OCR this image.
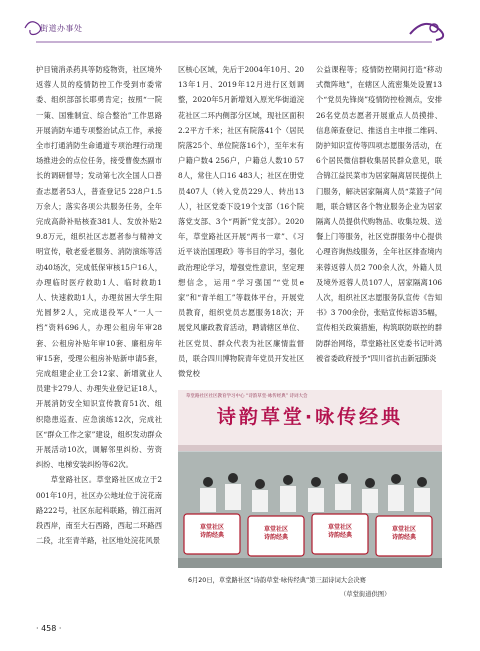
街道办事处

护目镜消杀药具等防疫物资，社区境外返蓉人员的疫情防控工作受到市委常委、组织部部长耶勇肯定；按照“一院一策、国雅制宜、综合整治”工作思路开展消防车通专项整治试点工作，承接全市打通消防生命通道专项治理行动现场推进会的点位任务，接受曹俊杰副市长的调研督导；发动第七次全国人口普查志愿者53人，普查登记5 228户1.5万余人；落实各项公共服务任务，全年完成高龄补贴核查381人、发放补贴29.8万元，组织社区志愿者参与精神文明宣传，敬老爱老服务、消防演练等活动40场次，完成低保审核15户16人，办理临时医疗救助1人、临时救助1人、快速救助1人，办理贫困大学生阳光圆梦2人，完成退役军人“一人一档”资料696人，办理公租房年审28套、公租房补贴年审10套、廉租房年审15套，受理公租房补贴新申请5套，完成组建企业工会12家、新增就业人员建卡279人、办理失业登记证18人，开展消防安全知识宣传教育51次、组织隐患巡查、应急演练12次，完成社区“群众工作之家”建设，组织发动群众开展活动10次，调解邻里纠纷、劳资纠纷、电梯安装纠纷等62次。

草堂路社区。草堂路社区成立于2001年10月，社区办公地址位于浣花南路222号，社区东起科联路，锦江南河段西岸，南至大石西路，西起二环路西二段，北至青羊路，社区地处浣花风景

区核心区域，先后于2004年10月、2013年1月、2019年12月进行区划调整，2020年5月新增划入原光华街道浣花社区二环内侧部分区域，现社区面积2.2平方千米；社区有院落41个（居民院落25个、单位院落16个），至年末有户籍户数4 256户，户籍总人数10 578人，常住人口16 483人；社区在册党员407人（转入党员229人、转出13人），社区党委下设19个支部（16个院落党支部、3个“两新”党支部）。2020年，草堂路社区开展“两书一章”、《习近平谈治国理政》等书目的学习，强化政治理论学习，增强党性意识，坚定理想信念，运用“学习强国”“党员e家”和“青羊组工”等载体平台，开展党员教育，组织党员志愿服务18次；开展党风廉政教育活动，聘请辖区单位、社区党员、群众代表为社区廉情监督员，联合四川博物院青年党员开发社区微党校

公益课程等；疫情防控期间打造“移动式微阵地”，在辖区人流密集处设置13个“党员先锋岗”疫情防控检测点，安排26名党员志愿者开展重点人员摸排、信息筛查登记、推送自主申报二维码、防护知识宣传等四项志愿服务活动，在6个居民微信群收集居民群众意见，联合锦江益民菜市为居家隔离居民提供上门服务，解决居家隔离人员“菜篮子”问题，联合辖区各个物业服务企业为居家隔离人员提供代购物品、收集垃圾、送餐上门等服务，社区党群服务中心提供心理咨询热线服务，全年社区排查境内来蓉返蓉人员2 700余人次，外籍人员及境外返蓉人员107人，居家隔离106人次，组织社区志愿服务队宣传《告知书》3 700余份，张贴宣传标语35幅，宣传相关政策措施，构筑联防联控的群防群治网络，草堂路社区党委书记叶鸿被省委政府授予“四川省抗击新冠肺炎

草堂路社区社区教育学习中心 “诗韵草堂·咏传经典” 诗词大会
诗韵草堂·咏传经典
草堂社区
诗韵经典
草堂社区
诗韵经典
草堂社区
诗韵经典
草堂社区
诗韵经典
6月20日，草堂路社区“诗韵草堂·咏传经典”第三届诗词大会决赛
（草堂街道供图）
· 458 ·
